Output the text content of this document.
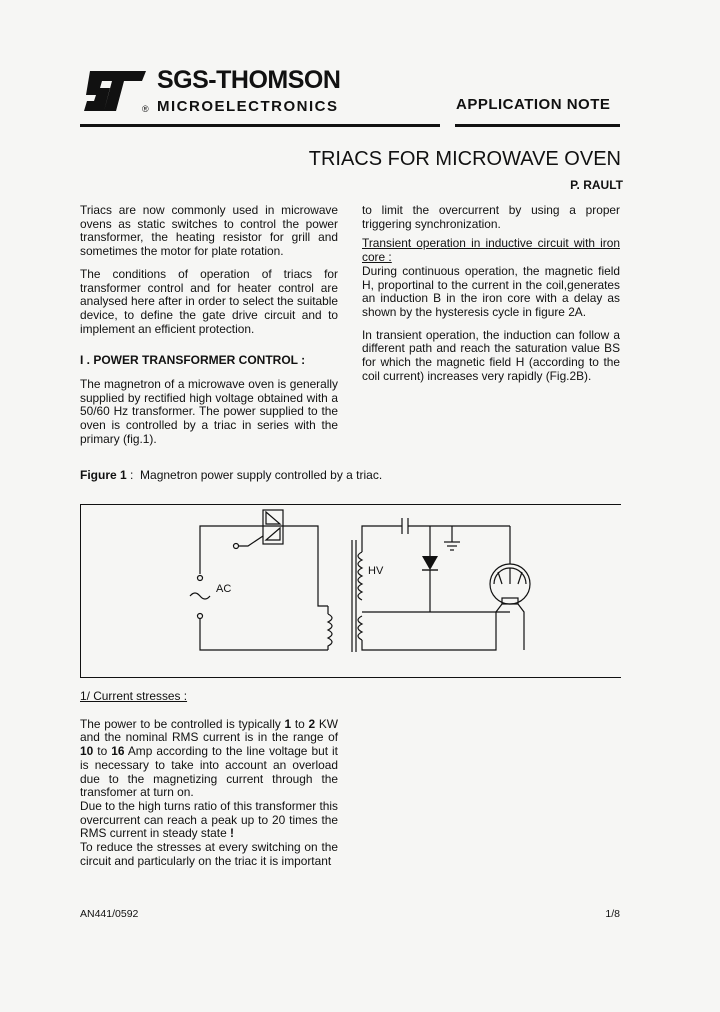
®
SGS-THOMSON
MICROELECTRONICS	APPLICATION NOTE
TRIACS FOR MICROWAVE OVEN
P. RAULT

Triacs are now commonly used in microwave ovens as static switches to control the power transformer, the heating resistor for grill and sometimes the motor for plate rotation.

The conditions of operation of triacs for transformer control and for heater control are analysed here after in order to select the suitable device, to define the gate drive circuit and to implement an efficient protection.

I . POWER TRANSFORMER CONTROL :

The magnetron of a microwave oven is generally supplied by rectified high voltage obtained with a 50/60 Hz transformer. The power supplied to the oven is controlled by a triac in series with the primary (fig.1).

to limit the overcurrent by using a proper triggering synchronization.

Transient operation in inductive circuit with iron core :

During continuous operation, the magnetic field H, proportinal to the current in the coil,generates an induction B in the iron core with a delay as shown by the hysteresis cycle in figure 2A.

In transient operation, the induction can follow a different path and reach the saturation value BS for which the magnetic field H (according to the coil current) increases very rapidly (Fig.2B).

Figure 1 :  Magnetron power supply controlled by a triac.
AC
HV

1/ Current stresses :

The power to be controlled is typically 1 to 2 KW and the nominal RMS current is in the range of 10 to 16 Amp according to the line voltage but it is necessary to take into account an overload due to the magnetizing current through the transfomer at turn on.

Due to the high turns ratio of this transformer this overcurrent can reach a peak up to 20 times the RMS current in steady state !

To reduce the stresses at every switching on the circuit and particularly on the triac it is important

AN441/0592	1/8
